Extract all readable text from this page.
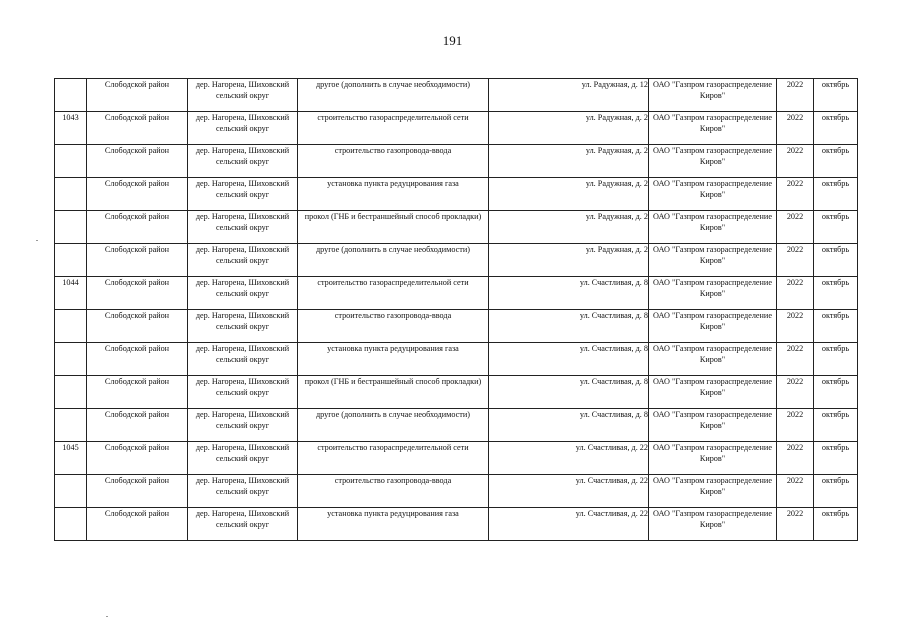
191
	Слободской район	дер. Нагорена, Шиховский сельский округ	другое (дополнить в случае необходимости)	ул. Радужная, д. 12	ОАО "Газпром газораспределение Киров"	2022	октябрь
1043	Слободской район	дер. Нагорена, Шиховский сельский округ	строительство газораспределительной сети	ул. Радужная, д. 2	ОАО "Газпром газораспределение Киров"	2022	октябрь
	Слободской район	дер. Нагорена, Шиховский сельский округ	строительство газопровода-ввода	ул. Радужная, д. 2	ОАО "Газпром газораспределение Киров"	2022	октябрь
	Слободской район	дер. Нагорена, Шиховский сельский округ	установка пункта редуцирования газа	ул. Радужная, д. 2	ОАО "Газпром газораспределение Киров"	2022	октябрь
	Слободской район	дер. Нагорена, Шиховский сельский округ	прокол (ГНБ и бестраншейный способ прокладки)	ул. Радужная, д. 2	ОАО "Газпром газораспределение Киров"	2022	октябрь
	Слободской район	дер. Нагорена, Шиховский сельский округ	другое (дополнить в случае необходимости)	ул. Радужная, д. 2	ОАО "Газпром газораспределение Киров"	2022	октябрь
1044	Слободской район	дер. Нагорена, Шиховский сельский округ	строительство газораспределительной сети	ул. Счастливая, д. 8	ОАО "Газпром газораспределение Киров"	2022	октябрь
	Слободской район	дер. Нагорена, Шиховский сельский округ	строительство газопровода-ввода	ул. Счастливая, д. 8	ОАО "Газпром газораспределение Киров"	2022	октябрь
	Слободской район	дер. Нагорена, Шиховский сельский округ	установка пункта редуцирования газа	ул. Счастливая, д. 8	ОАО "Газпром газораспределение Киров"	2022	октябрь
	Слободской район	дер. Нагорена, Шиховский сельский округ	прокол (ГНБ и бестраншейный способ прокладки)	ул. Счастливая, д. 8	ОАО "Газпром газораспределение Киров"	2022	октябрь
	Слободской район	дер. Нагорена, Шиховский сельский округ	другое (дополнить в случае необходимости)	ул. Счастливая, д. 8	ОАО "Газпром газораспределение Киров"	2022	октябрь
1045	Слободской район	дер. Нагорена, Шиховский сельский округ	строительство газораспределительной сети	ул. Счастливая, д. 22	ОАО "Газпром газораспределение Киров"	2022	октябрь
	Слободской район	дер. Нагорена, Шиховский сельский округ	строительство газопровода-ввода	ул. Счастливая, д. 22	ОАО "Газпром газораспределение Киров"	2022	октябрь
	Слободской район	дер. Нагорена, Шиховский сельский округ	установка пункта редуцирования газа	ул. Счастливая, д. 22	ОАО "Газпром газораспределение Киров"	2022	октябрь
